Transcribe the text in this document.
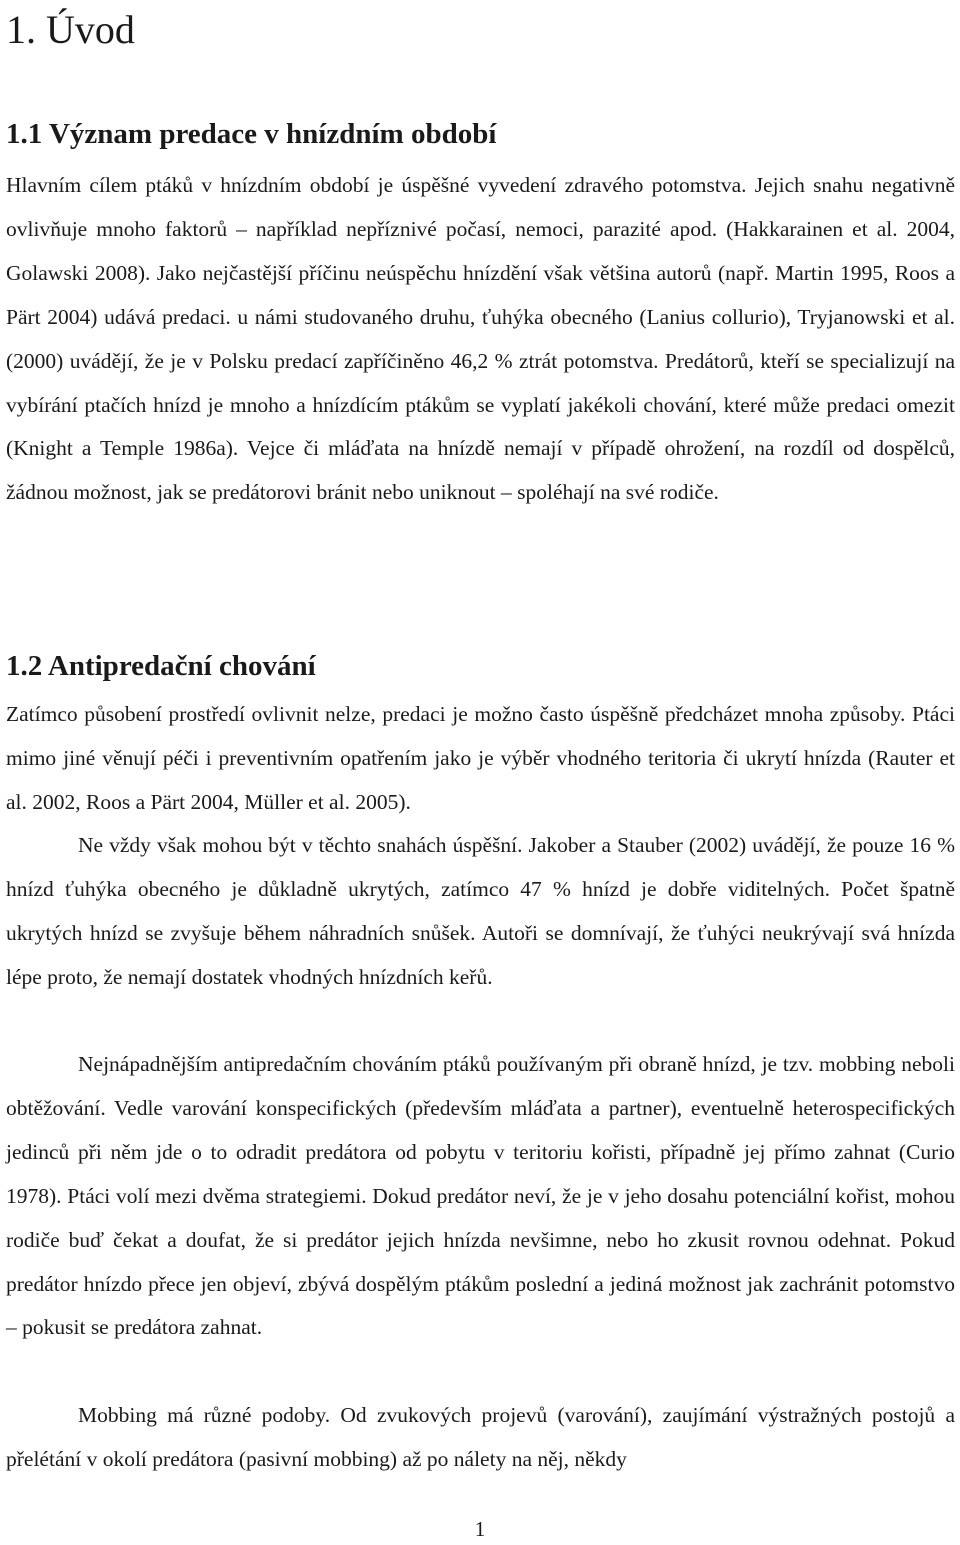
1. Úvod
1.1 Význam predace v hnízdním období

Hlavním cílem ptáků v hnízdním období je úspěšné vyvedení zdravého potomstva. Jejich snahu negativně ovlivňuje mnoho faktorů – například nepříznivé počasí, nemoci, parazité apod. (Hakkarainen et al. 2004, Golawski 2008). Jako nejčastější příčinu neúspěchu hnízdění však většina autorů (např. Martin 1995, Roos a Pärt 2004) udává predaci. u námi studovaného druhu, ťuhýka obecného (Lanius collurio), Tryjanowski et al. (2000) uvádějí, že je v Polsku predací zapříčiněno 46,2 % ztrát potomstva. Predátorů, kteří se specializují na vybírání ptačích hnízd je mnoho a hnízdícím ptákům se vyplatí jakékoli chování, které může predaci omezit (Knight a Temple 1986a). Vejce či mláďata na hnízdě nemají v případě ohrožení, na rozdíl od dospělců, žádnou možnost, jak se predátorovi bránit nebo uniknout – spoléhají na své rodiče.

1.2 Antipredační chování

Zatímco působení prostředí ovlivnit nelze, predaci je možno často úspěšně předcházet mnoha způsoby. Ptáci mimo jiné věnují péči i preventivním opatřením jako je výběr vhodného teritoria či ukrytí hnízda (Rauter et al. 2002, Roos a Pärt 2004, Müller et al. 2005).

Ne vždy však mohou být v těchto snahách úspěšní. Jakober a Stauber (2002) uvádějí, že pouze 16 % hnízd ťuhýka obecného je důkladně ukrytých, zatímco 47 % hnízd je dobře viditelných. Počet špatně ukrytých hnízd se zvyšuje během náhradních snůšek. Autoři se domnívají, že ťuhýci neukrývají svá hnízda lépe proto, že nemají dostatek vhodných hnízdních keřů.

Nejnápadnějším antipredačním chováním ptáků používaným při obraně hnízd, je tzv. mobbing neboli obtěžování. Vedle varování konspecifických (především mláďata a partner), eventuelně heterospecifických jedinců při něm jde o to odradit predátora od pobytu v teritoriu kořisti, případně jej přímo zahnat (Curio 1978). Ptáci volí mezi dvěma strategiemi. Dokud predátor neví, že je v jeho dosahu potenciální kořist, mohou rodiče buď čekat a doufat, že si predátor jejich hnízda nevšimne, nebo ho zkusit rovnou odehnat. Pokud predátor hnízdo přece jen objeví, zbývá dospělým ptákům poslední a jediná možnost jak zachránit potomstvo – pokusit se predátora zahnat.

Mobbing má různé podoby. Od zvukových projevů (varování), zaujímání výstražných postojů a přelétání v okolí predátora (pasivní mobbing) až po nálety na něj, někdy

1
